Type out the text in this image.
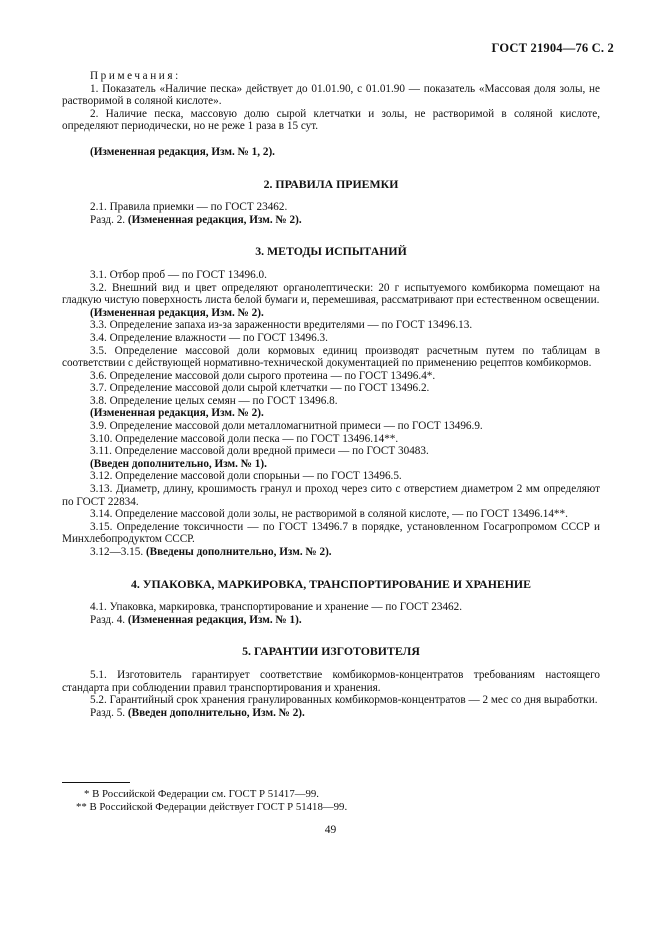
ГОСТ 21904—76 С. 2
Примечания:

1. Показатель «Наличие песка» действует до 01.01.90, с 01.01.90 — показатель «Массовая доля золы, не растворимой в соляной кислоте».

2. Наличие песка, массовую долю сырой клетчатки и золы, не растворимой в соляной кислоте, определяют периодически, но не реже 1 раза в 15 сут.

(Измененная редакция, Изм. № 1, 2).

2. ПРАВИЛА ПРИЕМКИ

2.1. Правила приемки — по ГОСТ 23462.

Разд. 2. (Измененная редакция, Изм. № 2).

3. МЕТОДЫ ИСПЫТАНИЙ

3.1. Отбор проб — по ГОСТ 13496.0.

3.2. Внешний вид и цвет определяют органолептически: 20 г испытуемого комбикорма помещают на гладкую чистую поверхность листа белой бумаги и, перемешивая, рассматривают при естественном освещении.

(Измененная редакция, Изм. № 2).

3.3. Определение запаха из-за зараженности вредителями — по ГОСТ 13496.13.

3.4. Определение влажности — по ГОСТ 13496.3.

3.5. Определение массовой доли кормовых единиц производят расчетным путем по таблицам в соответствии с действующей нормативно-технической документацией по применению рецептов комбикормов.

3.6. Определение массовой доли сырого протеина — по ГОСТ 13496.4*.

3.7. Определение массовой доли сырой клетчатки — по ГОСТ 13496.2.

3.8. Определение целых семян — по ГОСТ 13496.8.

(Измененная редакция, Изм. № 2).

3.9. Определение массовой доли металломагнитной примеси — по ГОСТ 13496.9.

3.10. Определение массовой доли песка — по ГОСТ 13496.14**.

3.11. Определение массовой доли вредной примеси — по ГОСТ 30483.

(Введен дополнительно, Изм. № 1).

3.12. Определение массовой доли спорыньи — по ГОСТ 13496.5.

3.13. Диаметр, длину, крошимость гранул и проход через сито с отверстием диаметром 2 мм определяют по ГОСТ 22834.

3.14. Определение массовой доли золы, не растворимой в соляной кислоте, — по ГОСТ 13496.14**.

3.15. Определение токсичности — по ГОСТ 13496.7 в порядке, установленном Госагропромом СССР и Минхлебопродуктом СССР.

3.12—3.15. (Введены дополнительно, Изм. № 2).

4. УПАКОВКА, МАРКИРОВКА, ТРАНСПОРТИРОВАНИЕ И ХРАНЕНИЕ

4.1. Упаковка, маркировка, транспортирование и хранение — по ГОСТ 23462.

Разд. 4. (Измененная редакция, Изм. № 1).

5. ГАРАНТИИ ИЗГОТОВИТЕЛЯ

5.1. Изготовитель гарантирует соответствие комбикормов-концентратов требованиям настоящего стандарта при соблюдении правил транспортирования и хранения.

5.2. Гарантийный срок хранения гранулированных комбикормов-концентратов — 2 мес со дня выработки.

Разд. 5. (Введен дополнительно, Изм. № 2).

* В Российской Федерации см. ГОСТ Р 51417—99.
** В Российской Федерации действует ГОСТ Р 51418—99.
49
